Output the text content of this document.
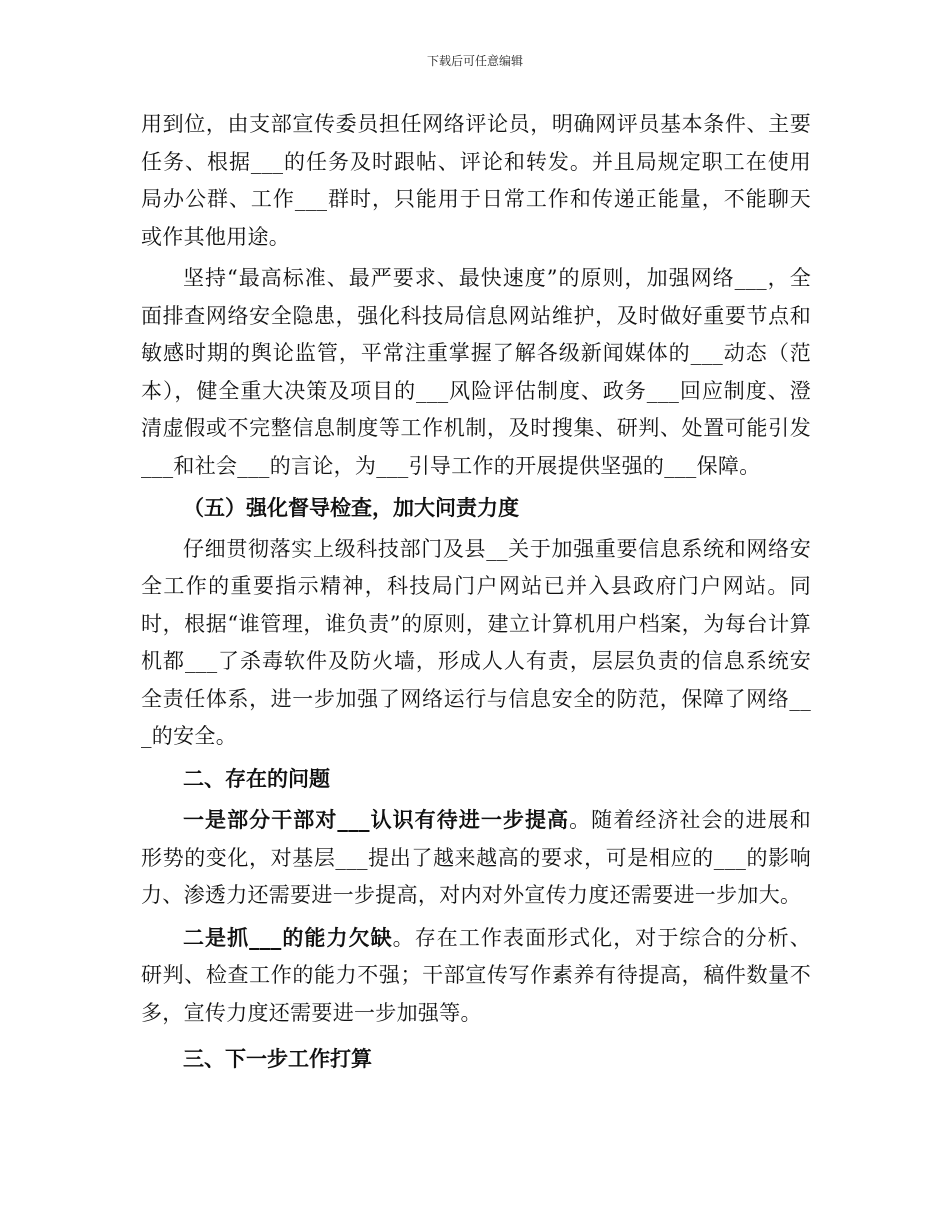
下载后可任意编辑

用到位，由支部宣传委员担任网络评论员，明确网评员基本条件、主要任务、根据___的任务及时跟帖、评论和转发。并且局规定职工在使用局办公群、工作___群时，只能用于日常工作和传递正能量，不能聊天或作其他用途。

坚持“最高标准、最严要求、最快速度”的原则，加强网络___，全面排查网络安全隐患，强化科技局信息网站维护，及时做好重要节点和敏感时期的舆论监管，平常注重掌握了解各级新闻媒体的___动态（范本），健全重大决策及项目的___风险评估制度、政务___回应制度、澄清虚假或不完整信息制度等工作机制，及时搜集、研判、处置可能引发___和社会___的言论，为___引导工作的开展提供坚强的___保障。

（五）强化督导检查，加大问责力度

仔细贯彻落实上级科技部门及县__关于加强重要信息系统和网络安全工作的重要指示精神，科技局门户网站已并入县政府门户网站。同时，根据“谁管理，谁负责”的原则，建立计算机用户档案，为每台计算机都___了杀毒软件及防火墙，形成人人有责，层层负责的信息系统安全责任体系，进一步加强了网络运行与信息安全的防范，保障了网络___的安全。

二、存在的问题

一是部分干部对___认识有待进一步提高。随着经济社会的进展和形势的变化，对基层___提出了越来越高的要求，可是相应的___的影响力、渗透力还需要进一步提高，对内对外宣传力度还需要进一步加大。

二是抓___的能力欠缺。存在工作表面形式化，对于综合的分析、研判、检查工作的能力不强；干部宣传写作素养有待提高，稿件数量不多，宣传力度还需要进一步加强等。

三、下一步工作打算
